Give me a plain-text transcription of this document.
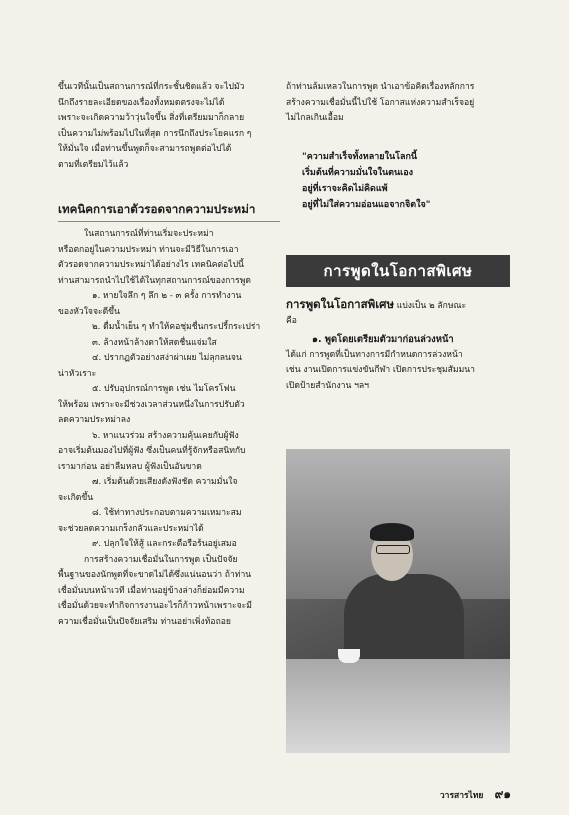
ขึ้นเวทีนั้นเป็นสถานการณ์ที่กระชั้นชิดแล้ว จะไปมัว

นึกถึงรายละเอียดของเรื่องทั้งหมดตรงจะไม่ได้

เพราะจะเกิดความว้าวุ่นใจขึ้น สิ่งที่เตรียมมาก็กลาย

เป็นความไม่พร้อมไปในที่สุด การนึกถึงประโยคแรก ๆ

ให้มั่นใจ เมื่อท่านขึ้นพูดก็จะสามารถพูดต่อไปได้

ตามที่เตรียมไว้แล้ว

เทคนิคการเอาตัวรอดจากความประหม่า

ในสถานการณ์ที่ท่านเริ่มจะประหม่า

หรือตกอยู่ในความประหม่า ท่านจะมีวิธีในการเอา

ตัวรอดจากความประหม่าได้อย่างไร เทคนิคต่อไปนี้

ท่านสามารถนำไปใช้ได้ในทุกสถานการณ์ของการพูด

๑. หายใจลึก ๆ ลึก ๒ - ๓ ครั้ง การทำงาน

ของหัวใจจะดีขึ้น

๒. ดื่มน้ำเย็น ๆ ทำให้คอชุ่มชื่นกระปรี้กระเปร่า

๓. ล้างหน้าล้างตาให้สดชื่นแจ่มใส

๔. ปรากฏตัวอย่างสง่าผ่าเผย ไม่ลุกลนจน

น่าหัวเราะ

๕. ปรับอุปกรณ์การพูด เช่น ไมโครโฟน

ให้พร้อม เพราะจะมีช่วงเวลาส่วนหนึ่งในการปรับตัว

ลดความประหม่าลง

๖. หาแนวร่วม สร้างความคุ้นเคยกับผู้ฟัง

อาจเริ่มต้นมองไปที่ผู้ฟัง ซึ่งเป็นคนที่รู้จักหรือสนิทกับ

เรามาก่อน อย่าลืมหลบ ผู้ฟังเป็นอันขาด

๗. เริ่มต้นด้วยเสียงดังฟังชัด ความมั่นใจ

จะเกิดขึ้น

๘. ใช้ท่าทางประกอบตามความเหมาะสม

จะช่วยลดความเกร็งกลัวและประหม่าได้

๙. ปลุกใจให้สู้ และกระตือรือร้นอยู่เสมอ

การสร้างความเชื่อมั่นในการพูด เป็นปัจจัย

พื้นฐานของนักพูดที่จะขาดไม่ได้ซึ่งแน่นอนว่า ถ้าท่าน

เชื่อมั่นบนหน้าเวที เมื่อท่านอยู่ข้างล่างก็ย่อมมีความ

เชื่อมั่นด้วยจะทำกิจการงานอะไรก็ก้าวหน้าเพราะจะมี

ความเชื่อมั่นเป็นปัจจัยเสริม ท่านอย่าเพิ่งท้อถอย

ถ้าท่านล้มเหลวในการพูด นำเอาข้อคิดเรื่องหลักการ

สร้างความเชื่อมั่นนี้ไปใช้ โอกาสแห่งความสำเร็จอยู่

ไม่ไกลเกินเอื้อม

"ความสำเร็จทั้งหลายในโลกนี้
เริ่มต้นที่ความมั่นใจในตนเอง
อยู่ที่เราจะคิดไม่คิดแพ้
อยู่ที่ไม่ใส่ความอ่อนแอจากจิตใจ"
การพูดในโอกาสพิเศษ

การพูดในโอกาสพิเศษ แบ่งเป็น ๒ ลักษณะ

คือ

๑. พูดโดยเตรียมตัวมาก่อนล่วงหน้า

ได้แก่ การพูดที่เป็นทางการมีกำหนดการล่วงหน้า

เช่น งานเปิดการแข่งขันกีฬา เปิดการประชุมสัมมนา

เปิดป้ายสำนักงาน ฯลฯ

วารสารไทย ๙๑
